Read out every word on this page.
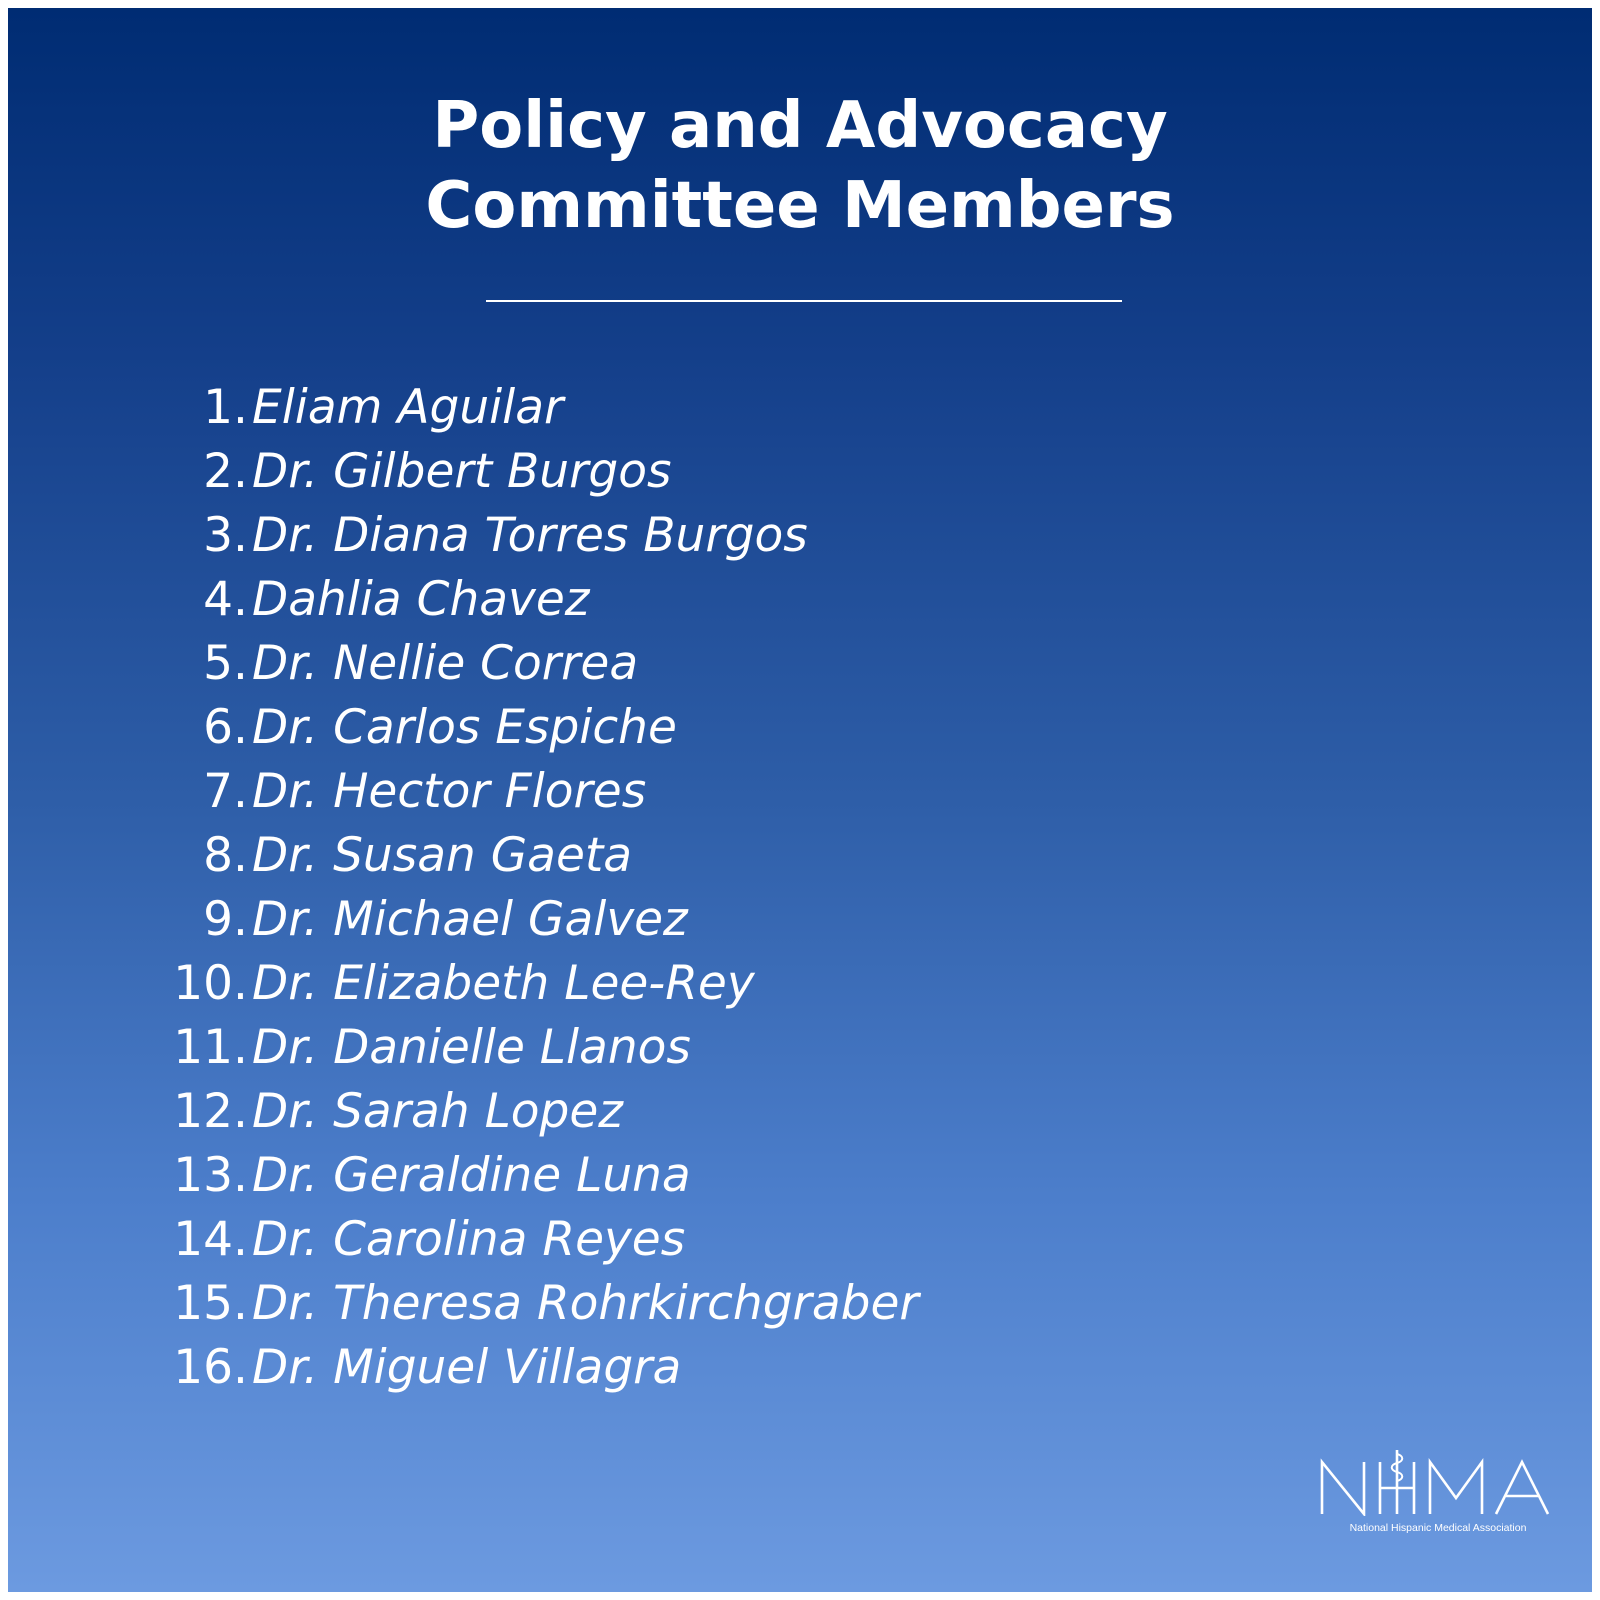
Policy and Advocacy
Committee Members
1. Eliam Aguilar
2. Dr. Gilbert Burgos
3. Dr. Diana Torres Burgos
4. Dahlia Chavez
5. Dr. Nellie Correa
6. Dr. Carlos Espiche
7. Dr. Hector Flores
8. Dr. Susan Gaeta
9. Dr. Michael Galvez
10. Dr. Elizabeth Lee-Rey
11. Dr. Danielle Llanos
12. Dr. Sarah Lopez
13. Dr. Geraldine Luna
14. Dr. Carolina Reyes
15. Dr. Theresa Rohrkirchgraber
16. Dr. Miguel Villagra
National Hispanic Medical Association
